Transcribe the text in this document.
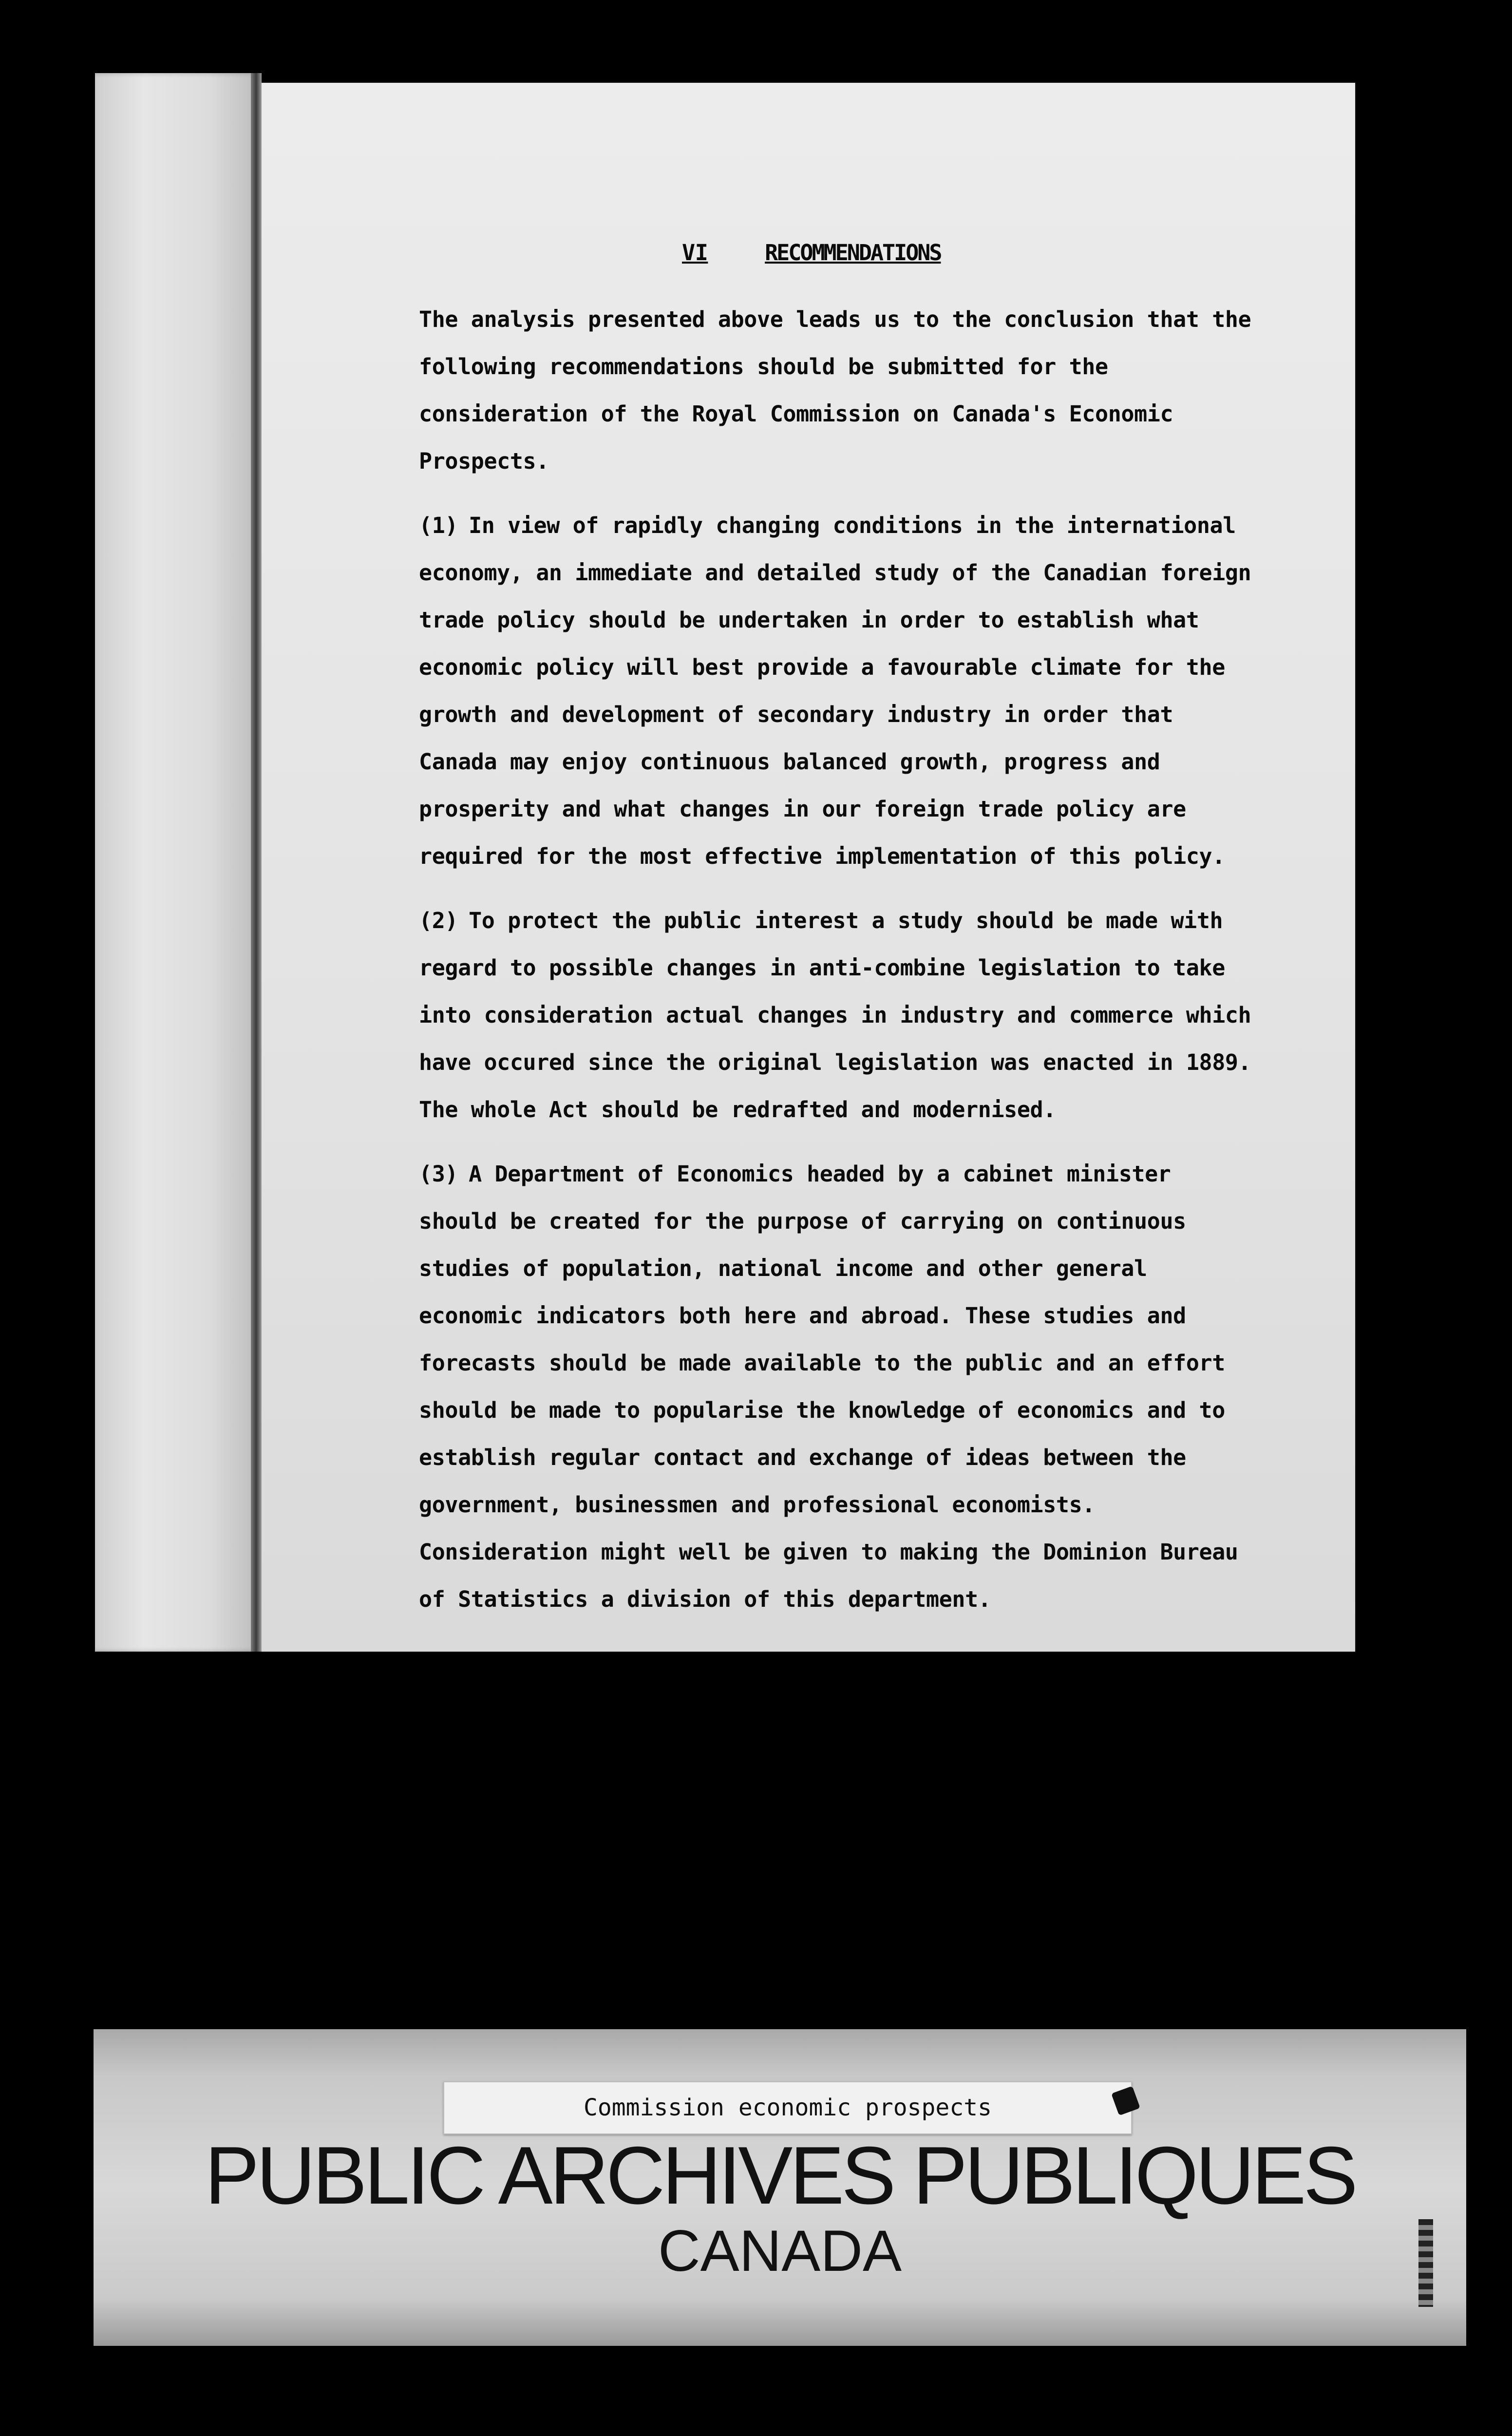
VI	RECOMMENDATIONS

The analysis presented above leads us to the conclusion that the following recommendations should be submitted for the consideration of the Royal Commission on Canada's Economic Prospects.

(1) In view of rapidly changing conditions in the international economy, an immediate and detailed study of the Canadian foreign trade policy should be undertaken in order to establish what economic policy will best provide a favourable climate for the growth and development of secondary industry in order that Canada may enjoy continuous balanced growth, progress and prosperity and what changes in our foreign trade policy are required for the most effective implementation of this policy.

(2) To protect the public interest a study should be made with regard to possible changes in anti-combine legislation to take into consideration actual changes in industry and commerce which have occured since the original legislation was enacted in 1889. The whole Act should be redrafted and modernised.

(3) A Department of Economics headed by a cabinet minister should be created for the purpose of carrying on continuous studies of population, national income and other general economic indicators both here and abroad. These studies and forecasts should be made available to the public and an effort should be made to popularise the knowledge of economics and to establish regular contact and exchange of ideas between the government, businessmen and professional economists. Consideration might well be given to making the Dominion Bureau of Statistics a division of this department.

Commission economic prospects
PUBLIC ARCHIVES PUBLIQUES
CANADA
